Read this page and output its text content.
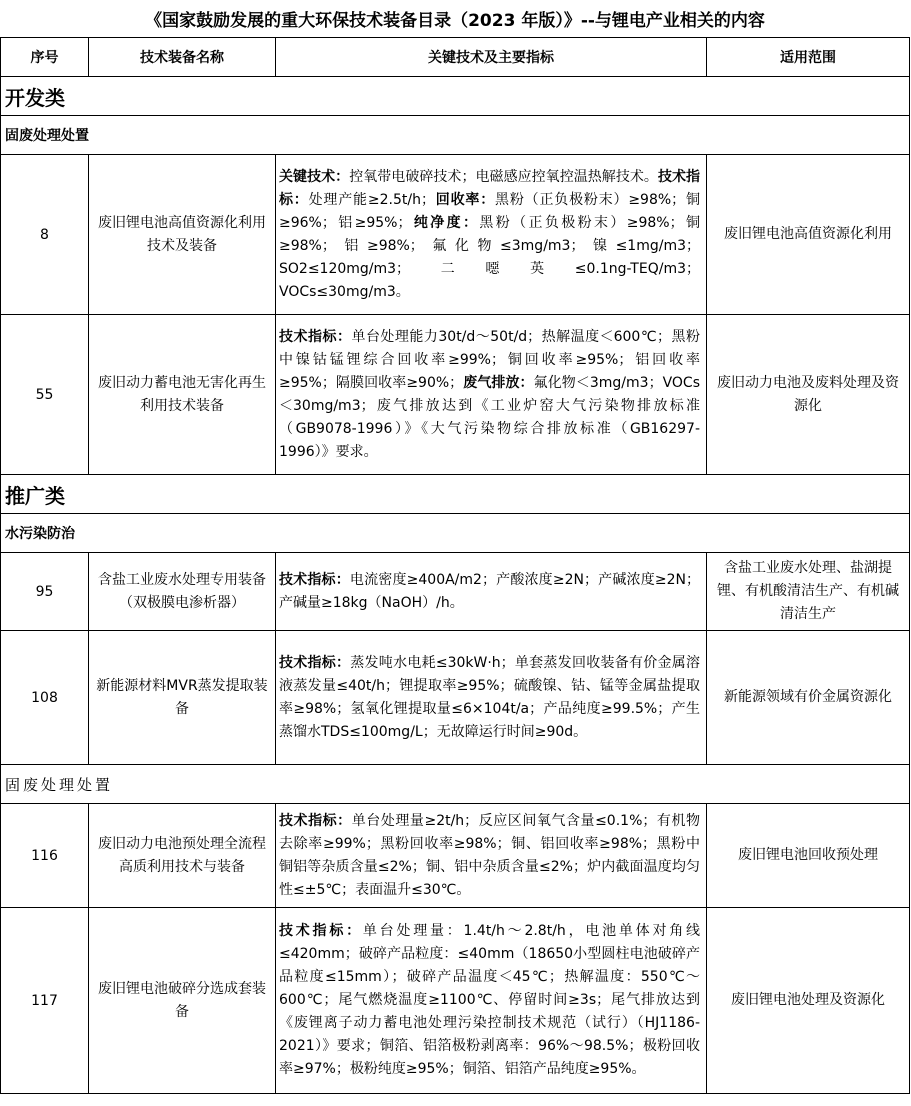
《国家鼓励发展的重大环保技术装备目录（2023 年版）》--与锂电产业相关的内容			
序号	技术装备名称	关键技术及主要指标	适用范围
开发类			
固废处理处置			
8	废旧锂电池高值资源化利用技术及装备	关键技术：控氧带电破碎技术；电磁感应控氧控温热解技术。技术指标：处理产能≥2.5t/h；回收率：黑粉（正负极粉末）≥98%；铜≥96%；铝≥95%；纯净度：黑粉（正负极粉末）≥98%；铜≥98%；铝≥98%；氟化物≤3mg/m3；镍≤1mg/m3；SO2≤120mg/m3；二噁英≤0.1ng-TEQ/m3；VOCs≤30mg/m3。	废旧锂电池高值资源化利用
55	废旧动力蓄电池无害化再生利用技术装备	技术指标：单台处理能力30t/d～50t/d；热解温度＜600℃；黑粉中镍钴锰锂综合回收率≥99%；铜回收率≥95%；铝回收率≥95%；隔膜回收率≥90%；废气排放：氟化物＜3mg/m3；VOCs＜30mg/m3；废气排放达到《工业炉窑大气污染物排放标准（GB9078-1996）》《大气污染物综合排放标准（GB16297-1996）》要求。	废旧动力电池及废料处理及资源化
推广类			
水污染防治			
95	含盐工业废水处理专用装备（双极膜电渗析器）	技术指标：电流密度≥400A/m2；产酸浓度≥2N；产碱浓度≥2N；产碱量≥18kg（NaOH）/h。	含盐工业废水处理、盐湖提锂、有机酸清洁生产、有机碱清洁生产
108	新能源材料MVR蒸发提取装备	技术指标：蒸发吨水电耗≤30kW·h；单套蒸发回收装备有价金属溶液蒸发量≤40t/h；锂提取率≥95%；硫酸镍、钴、锰等金属盐提取率≥98%；氢氧化锂提取量≤6×104t/a；产品纯度≥99.5%；产生蒸馏水TDS≤100mg/L；无故障运行时间≥90d。	新能源领域有价金属资源化
固废处理处置			
116	废旧动力电池预处理全流程高质利用技术与装备	技术指标：单台处理量≥2t/h；反应区间氧气含量≤0.1%；有机物去除率≥99%；黑粉回收率≥98%；铜、铝回收率≥98%；黑粉中铜铝等杂质含量≤2%；铜、铝中杂质含量≤2%；炉内截面温度均匀性≤±5℃；表面温升≤30℃。	废旧锂电池回收预处理
117	废旧锂电池破碎分选成套装备	技术指标：单台处理量：1.4t/h～2.8t/h，电池单体对角线≤420mm；破碎产品粒度：≤40mm（18650小型圆柱电池破碎产品粒度≤15mm）；破碎产品温度＜45℃；热解温度：550℃～600℃；尾气燃烧温度≥1100℃、停留时间≥3s；尾气排放达到《废锂离子动力蓄电池处理污染控制技术规范（试行）（HJ1186-2021）》要求；铜箔、铝箔极粉剥离率：96%～98.5%；极粉回收率≥97%；极粉纯度≥95%；铜箔、铝箔产品纯度≥95%。	废旧锂电池处理及资源化
